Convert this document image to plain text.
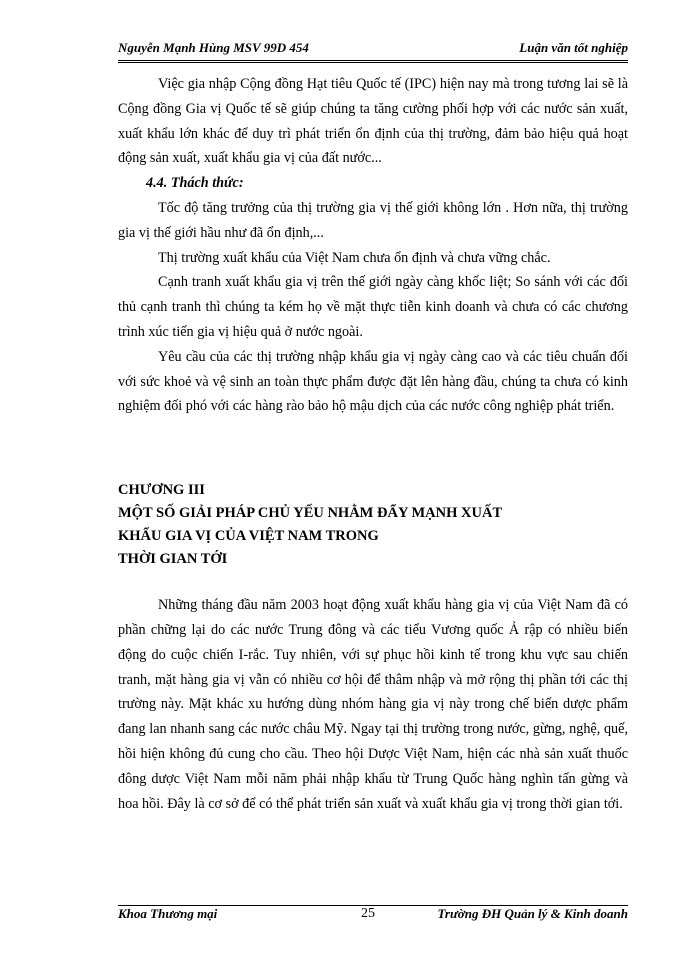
Nguyễn Mạnh Hùng MSV 99D 454	Luận văn tốt nghiệp

Việc gia nhập Cộng đồng Hạt tiêu Quốc tế (IPC) hiện nay mà trong tương lai sẽ là Cộng đồng Gia vị Quốc tế sẽ giúp chúng ta tăng cường phối hợp với các nước sản xuất, xuất khẩu lớn khác để duy trì phát triển ổn định của thị trường, đảm bảo hiệu quả hoạt động sản xuất, xuất khẩu gia vị của đất nước...

4.4. Thách thức:

Tốc độ tăng trưởng của thị trường gia vị thế giới không lớn . Hơn nữa, thị trường gia vị thế giới hầu như đã ổn định,...

Thị trường xuất khẩu của Việt Nam chưa ổn định và chưa vững chắc.

Cạnh tranh xuất khẩu gia vị trên thế giới ngày càng khốc liệt; So sánh với các đối thủ cạnh tranh thì chúng ta kém họ về mặt thực tiễn kinh doanh và chưa có các chương trình xúc tiến gia vị hiệu quả ở nước ngoài.

Yêu cầu của các thị trường nhập khẩu gia vị ngày càng cao và các tiêu chuẩn đối với sức khoẻ và vệ sinh an toàn thực phẩm được đặt lên hàng đầu, chúng ta chưa có kinh nghiệm đối phó với các hàng rào bảo hộ mậu dịch của các nước công nghiệp phát triển.

CHƯƠNG III

MỘT SỐ GIẢI PHÁP CHỦ YẾU NHẰM ĐẨY MẠNH XUẤT

KHẨU GIA VỊ CỦA VIỆT NAM TRONG

THỜI GIAN TỚI

Những tháng đầu năm 2003 hoạt động xuất khẩu hàng gia vị của Việt Nam đã có phần chững lại do các nước Trung đông và các tiểu Vương quốc Ả rập có nhiều biến động do cuộc chiến I-rắc. Tuy nhiên, với sự phục hồi kinh tế trong khu vực sau chiến tranh, mặt hàng gia vị vẫn có nhiều cơ hội để thâm nhập và mở rộng thị phần tới các thị trường này. Mặt khác xu hướng dùng nhóm hàng gia vị này trong chế biến dược phẩm đang lan nhanh sang các nước châu Mỹ. Ngay tại thị trường trong nước, gừng, nghệ, quế, hồi hiện không đủ cung cho cầu. Theo hội Dược Việt Nam, hiện các nhà sản xuất thuốc đông dược Việt Nam mỗi năm phải nhập khẩu từ Trung Quốc hàng nghìn tấn gừng và hoa hồi. Đây là cơ sở để có thể phát triển sản xuất và xuất khẩu gia vị trong thời gian tới.

Khoa Thương mại	25	Trường ĐH Quản lý & Kinh doanh
